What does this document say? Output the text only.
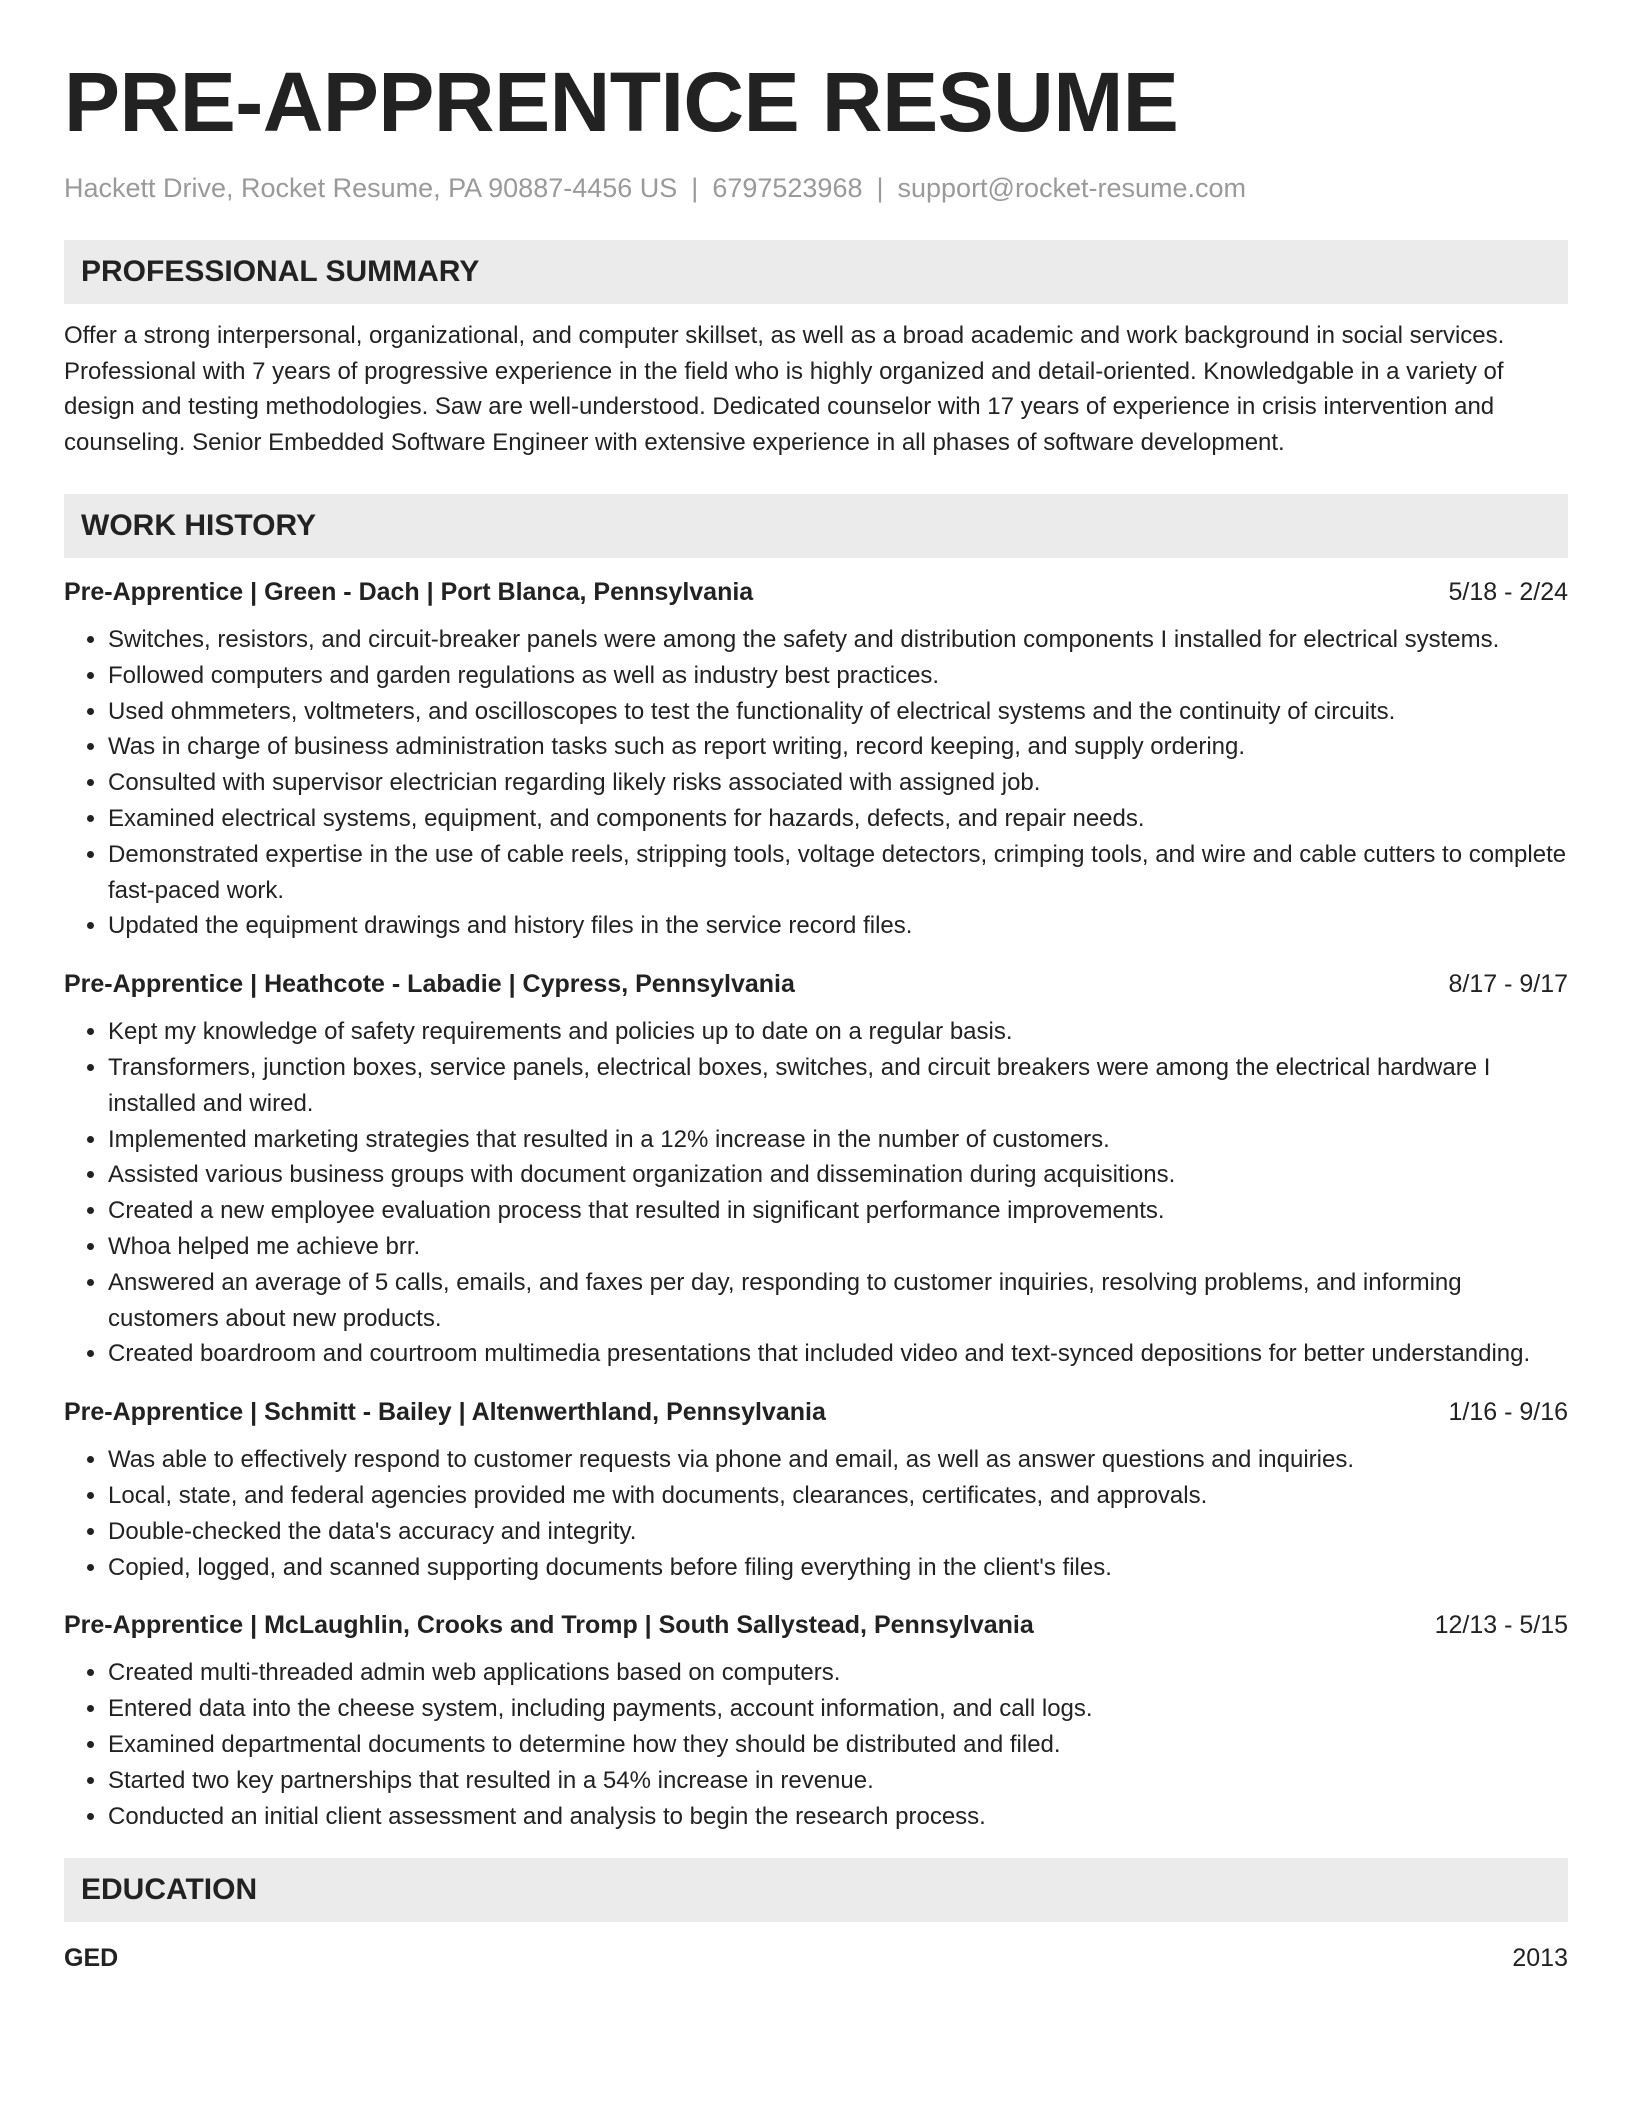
PRE-APPRENTICE RESUME
Hackett Drive, Rocket Resume, PA 90887-4456 US | 6797523968 | support@rocket-resume.com
PROFESSIONAL SUMMARY

Offer a strong interpersonal, organizational, and computer skillset, as well as a broad academic and work background in social services. Professional with 7 years of progressive experience in the field who is highly organized and detail-oriented. Knowledgable in a variety of design and testing methodologies. Saw are well-understood. Dedicated counselor with 17 years of experience in crisis intervention and counseling. Senior Embedded Software Engineer with extensive experience in all phases of software development.

WORK HISTORY
Pre-Apprentice | Green - Dach | Port Blanca, Pennsylvania	5/18 - 2/24
• Switches, resistors, and circuit-breaker panels were among the safety and distribution components I installed for electrical systems.
• Followed computers and garden regulations as well as industry best practices.
• Used ohmmeters, voltmeters, and oscilloscopes to test the functionality of electrical systems and the continuity of circuits.
• Was in charge of business administration tasks such as report writing, record keeping, and supply ordering.
• Consulted with supervisor electrician regarding likely risks associated with assigned job.
• Examined electrical systems, equipment, and components for hazards, defects, and repair needs.
• Demonstrated expertise in the use of cable reels, stripping tools, voltage detectors, crimping tools, and wire and cable cutters to complete fast-paced work.
• Updated the equipment drawings and history files in the service record files.
Pre-Apprentice | Heathcote - Labadie | Cypress, Pennsylvania	8/17 - 9/17
• Kept my knowledge of safety requirements and policies up to date on a regular basis.
• Transformers, junction boxes, service panels, electrical boxes, switches, and circuit breakers were among the electrical hardware I installed and wired.
• Implemented marketing strategies that resulted in a 12% increase in the number of customers.
• Assisted various business groups with document organization and dissemination during acquisitions.
• Created a new employee evaluation process that resulted in significant performance improvements.
• Whoa helped me achieve brr.
• Answered an average of 5 calls, emails, and faxes per day, responding to customer inquiries, resolving problems, and informing customers about new products.
• Created boardroom and courtroom multimedia presentations that included video and text-synced depositions for better understanding.
Pre-Apprentice | Schmitt - Bailey | Altenwerthland, Pennsylvania	1/16 - 9/16
• Was able to effectively respond to customer requests via phone and email, as well as answer questions and inquiries.
• Local, state, and federal agencies provided me with documents, clearances, certificates, and approvals.
• Double-checked the data's accuracy and integrity.
• Copied, logged, and scanned supporting documents before filing everything in the client's files.
Pre-Apprentice | McLaughlin, Crooks and Tromp | South Sallystead, Pennsylvania	12/13 - 5/15
• Created multi-threaded admin web applications based on computers.
• Entered data into the cheese system, including payments, account information, and call logs.
• Examined departmental documents to determine how they should be distributed and filed.
• Started two key partnerships that resulted in a 54% increase in revenue.
• Conducted an initial client assessment and analysis to begin the research process.
EDUCATION
GED	2013
